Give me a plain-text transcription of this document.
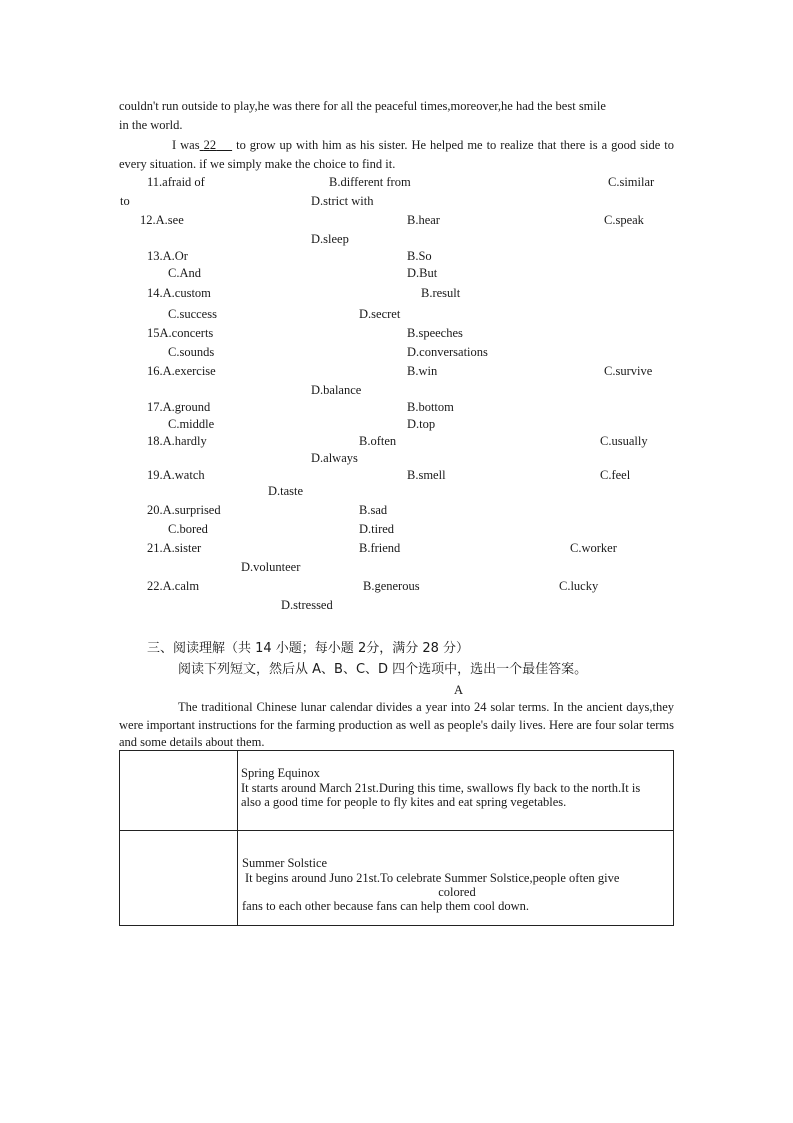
couldn't run outside to play,he was there for all the peaceful times,moreover,he had the best smile
in the world.
I was 22 to grow up with him as his sister. He helped me to realize that there is a good side to every situation. if we simply make the choice to find it.
11.afraid of	B.different from	C.similar
to	D.strict with
12.A.see	B.hear	C.speak
D.sleep
13.A.Or	B.So
C.And	D.But
14.A.custom	B.result
C.success	D.secret
15A.concerts	B.speeches
C.sounds	D.conversations
16.A.exercise	B.win	C.survive
D.balance
17.A.ground	B.bottom
C.middle	D.top
18.A.hardly	B.often	C.usually
D.always
19.A.watch	B.smell	C.feel
D.taste
20.A.surprised	B.sad
C.bored	D.tired
21.A.sister	B.friend	C.worker
D.volunteer
22.A.calm	B.generous	C.lucky
D.stressed
三、阅读理解（共 14 小题；每小题 2分，满分 28 分）
阅读下列短文，然后从 A、B、C、D 四个选项中，选出一个最佳答案。
A
The traditional Chinese lunar calendar divides a year into 24 solar terms. In the ancient days,they were important instructions for the farming production as well as people's daily lives. Here are four solar terms and some details about them.

	Spring Equinox
It starts around March 21st.During this time, swallows fly back to the north.It is
also a good time for people to fly kites and eat spring vegetables.

	Summer Solstice
It begins around Juno 21st.To celebrate Summer Solstice,people often give
colored
fans to each other because fans can help them cool down.
